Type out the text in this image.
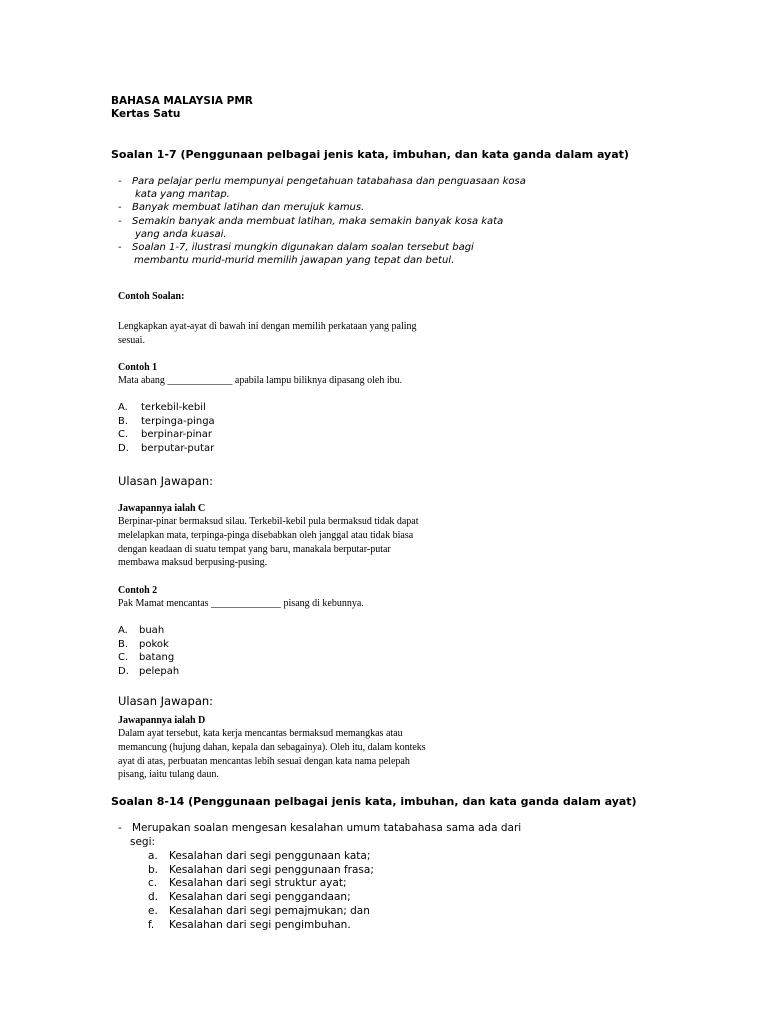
BAHASA MALAYSIA PMR
Kertas Satu
Soalan 1-7 (Penggunaan pelbagai jenis kata, imbuhan, dan kata ganda dalam ayat)
- Para pelajar perlu mempunyai pengetahuan tatabahasa dan penguasaan kosa
kata yang mantap.
- Banyak membuat latihan dan merujuk kamus.
- Semakin banyak anda membuat latihan, maka semakin banyak kosa kata
yang anda kuasai.
- Soalan 1-7, ilustrasi mungkin digunakan dalam soalan tersebut bagi
membantu murid-murid memilih jawapan yang tepat dan betul.
Contoh Soalan:
Lengkapkan ayat-ayat di bawah ini dengan memilih perkataan yang paling
sesuai.
Contoh 1
Mata abang _____________ apabila lampu biliknya dipasang oleh ibu.
A. terkebil-kebil
B. terpinga-pinga
C. berpinar-pinar
D. berputar-putar
Ulasan Jawapan:
Jawapannya ialah C
Berpinar-pinar bermaksud silau. Terkebil-kebil pula bermaksud tidak dapat
melelapkan mata, terpinga-pinga disebabkan oleh janggal atau tidak biasa
dengan keadaan di suatu tempat yang baru, manakala berputar-putar
membawa maksud berpusing-pusing.
Contoh 2
Pak Mamat mencantas ______________ pisang di kebunnya.
A. buah
B. pokok
C. batang
D. pelepah
Ulasan Jawapan:
Jawapannya ialah D
Dalam ayat tersebut, kata kerja mencantas bermaksud memangkas atau
memancung (hujung dahan, kepala dan sebagainya). Oleh itu, dalam konteks
ayat di atas, perbuatan mencantas lebih sesuai dengan kata nama pelepah
pisang, iaitu tulang daun.
Soalan 8-14 (Penggunaan pelbagai jenis kata, imbuhan, dan kata ganda dalam ayat)
- Merupakan soalan mengesan kesalahan umum tatabahasa sama ada dari
segi:
a. Kesalahan dari segi penggunaan kata;
b. Kesalahan dari segi penggunaan frasa;
c. Kesalahan dari segi struktur ayat;
d. Kesalahan dari segi penggandaan;
e. Kesalahan dari segi pemajmukan; dan
f. Kesalahan dari segi pengimbuhan.
